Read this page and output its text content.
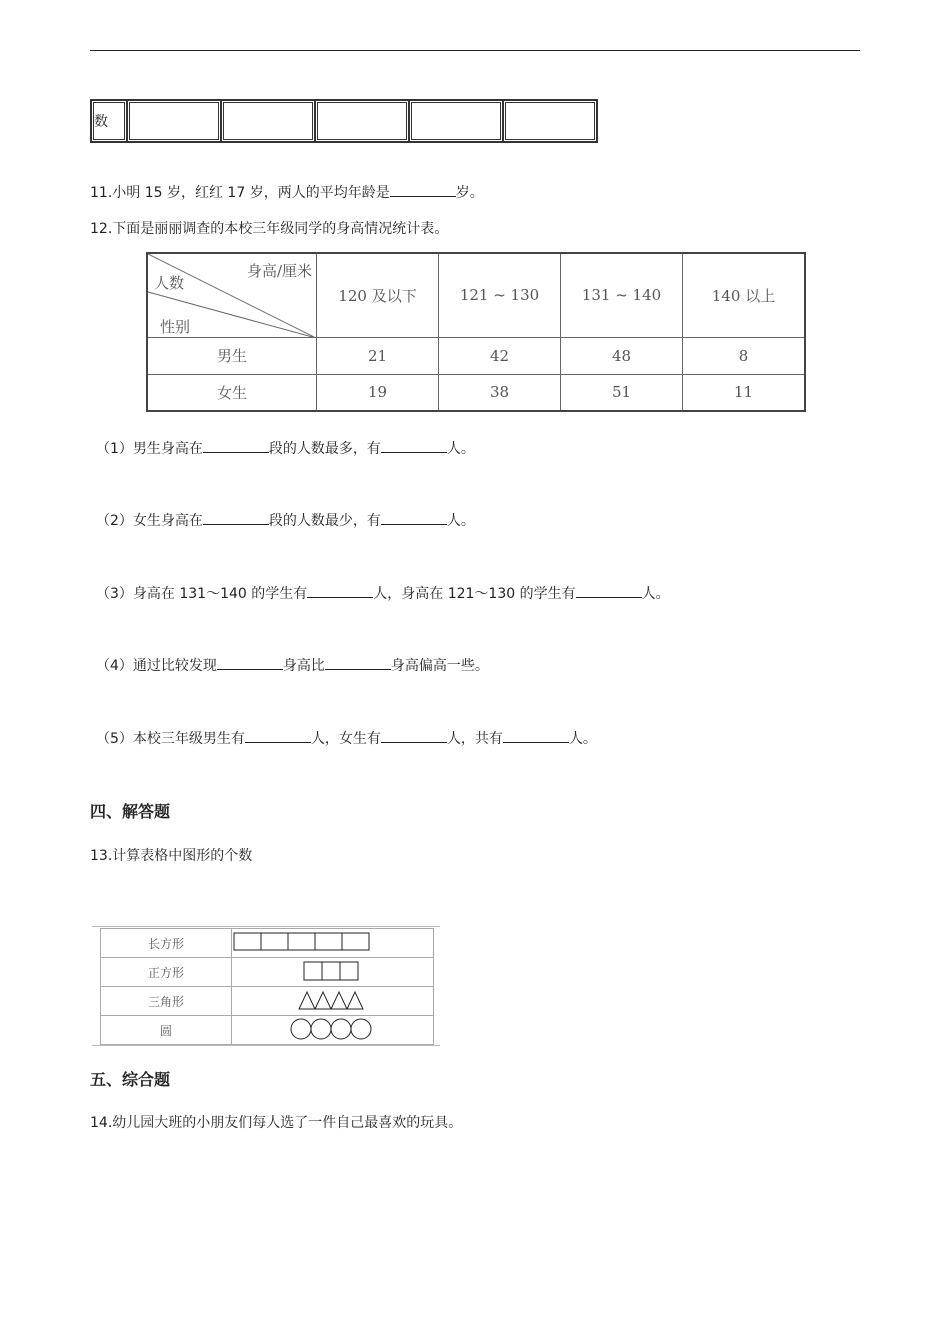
数					
11.小明 15 岁，红红 17 岁，两人的平均年龄是	岁。
12.下面是丽丽调查的本校三年级同学的身高情况统计表。
身高/厘米
人数
性别	120 及以下	121 ~ 130	131 ~ 140	140 以上
男生	21	42	48	8
女生	19	38	51	11
（1）男生身高在	段的人数最多，有	人。
（2）女生身高在	段的人数最少，有	人。
（3）身高在 131～140 的学生有	人，身高在 121～130 的学生有	人。
（4）通过比较发现	身高比	身高偏高一些。
（5）本校三年级男生有	人，女生有	人，共有	人。
四、解答题
13.计算表格中图形的个数
长方形	
正方形	
三角形	
圆	
五、综合题
14.幼儿园大班的小朋友们每人选了一件自己最喜欢的玩具。
